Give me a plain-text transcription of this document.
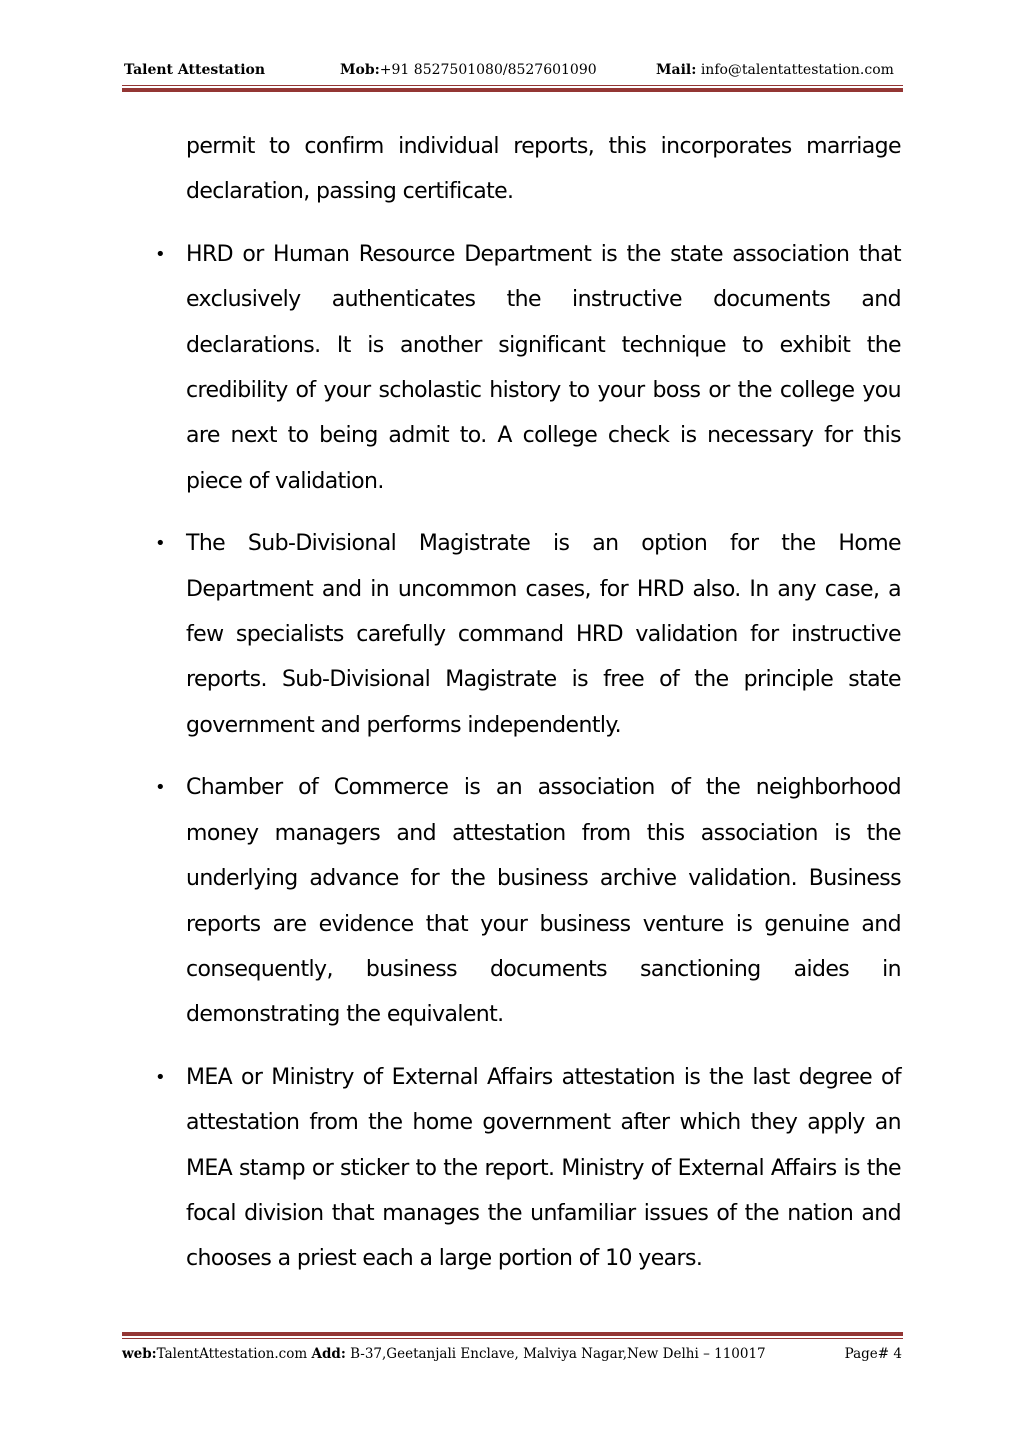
Talent Attestation	Mob:+91 8527501080/8527601090	Mail: info@talentattestation.com

permit to confirm individual reports, this incorporates marriage declaration, passing certificate.

• HRD or Human Resource Department is the state association that exclusively authenticates the instructive documents and declarations. It is another significant technique to exhibit the credibility of your scholastic history to your boss or the college you are next to being admit to. A college check is necessary for this piece of validation.

• The Sub-Divisional Magistrate is an option for the Home Department and in uncommon cases, for HRD also. In any case, a few specialists carefully command HRD validation for instructive reports. Sub-Divisional Magistrate is free of the principle state government and performs independently.

• Chamber of Commerce is an association of the neighborhood money managers and attestation from this association is the underlying advance for the business archive validation. Business reports are evidence that your business venture is genuine and consequently, business documents sanctioning aides in demonstrating the equivalent.

• MEA or Ministry of External Affairs attestation is the last degree of attestation from the home government after which they apply an MEA stamp or sticker to the report. Ministry of External Affairs is the focal division that manages the unfamiliar issues of the nation and chooses a priest each a large portion of 10 years.

web:TalentAttestation.com Add: B-37,Geetanjali Enclave, Malviya Nagar,New Delhi – 110017	Page# 4
